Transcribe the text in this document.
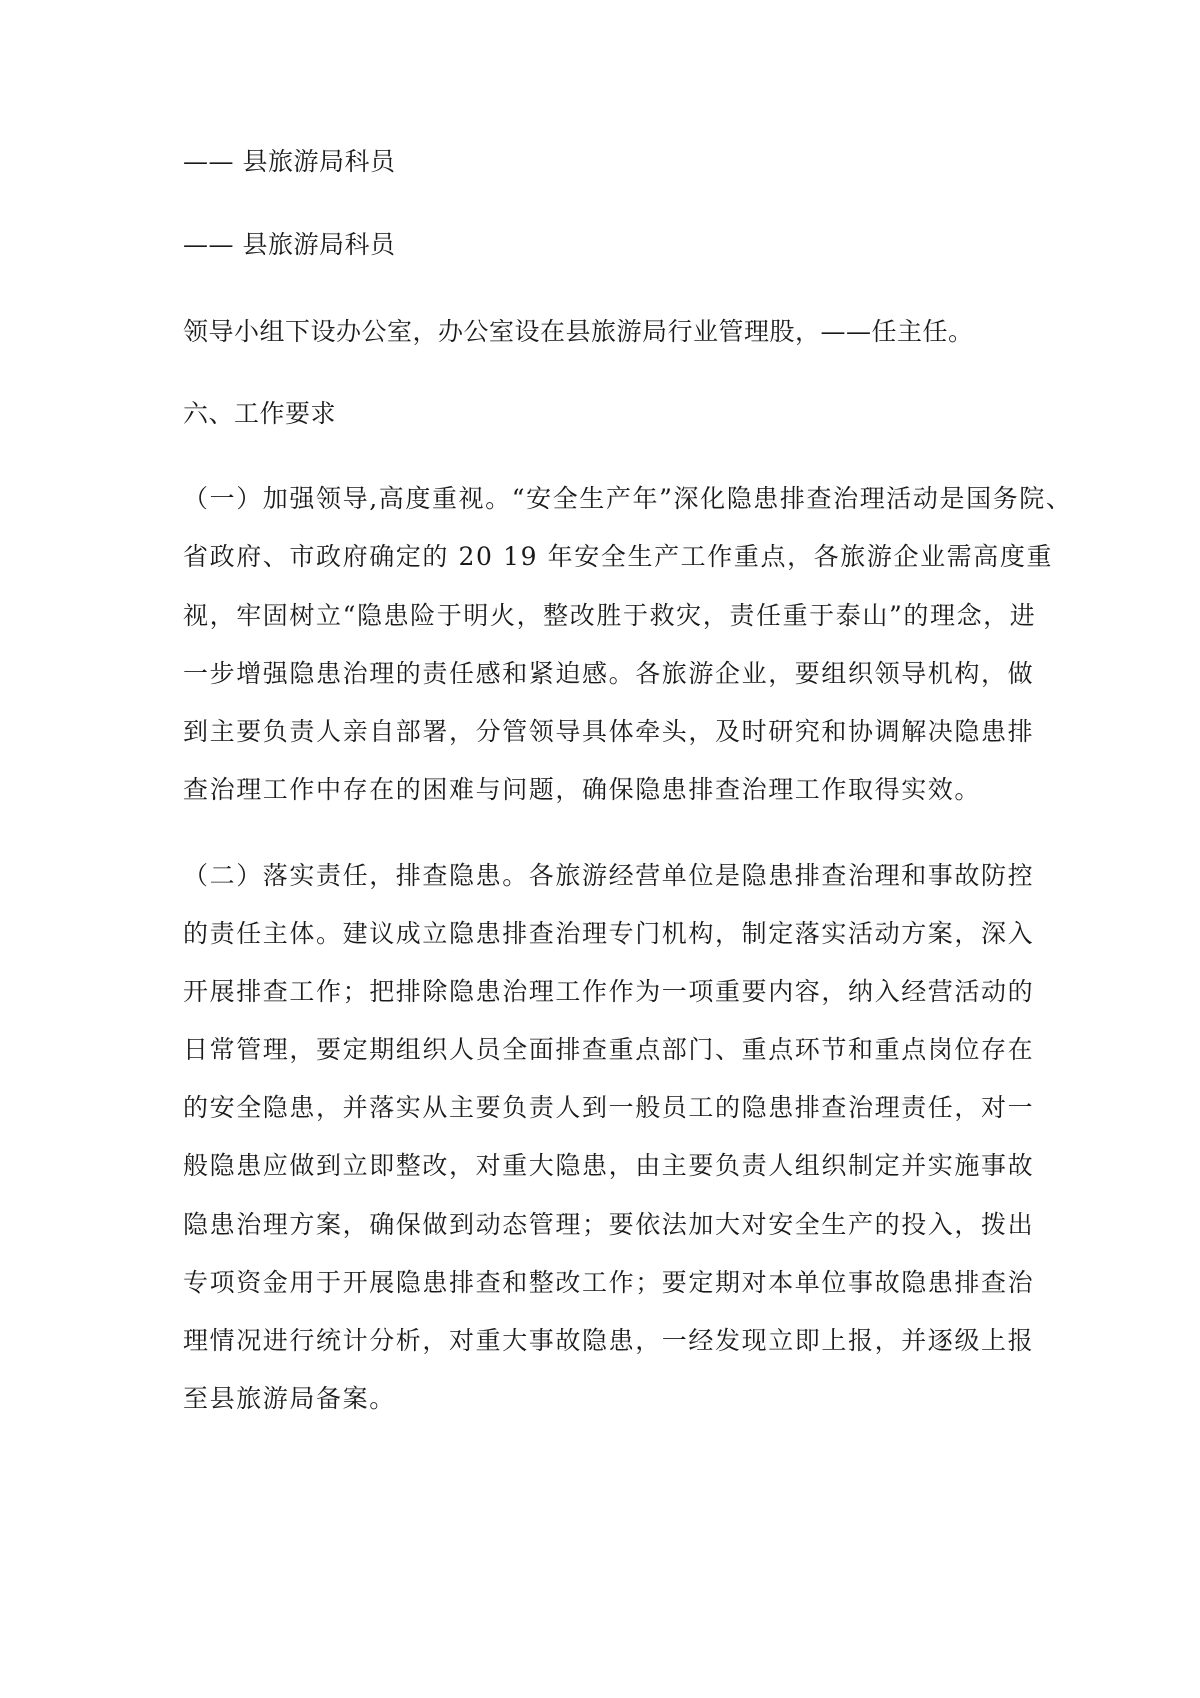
—— 县旅游局科员
—— 县旅游局科员
领导小组下设办公室，办公室设在县旅游局行业管理股，——任主任。
六、工作要求
（一）加强领导,高度重视。“安全生产年”深化隐患排查治理活动是国务院、
省政府、市政府确定的 20 19 年安全生产工作重点，各旅游企业需高度重
视，牢固树立“隐患险于明火，整改胜于救灾，责任重于泰山”的理念，进
一步增强隐患治理的责任感和紧迫感。各旅游企业，要组织领导机构，做
到主要负责人亲自部署，分管领导具体牵头，及时研究和协调解决隐患排
查治理工作中存在的困难与问题，确保隐患排查治理工作取得实效。
（二）落实责任，排查隐患。各旅游经营单位是隐患排查治理和事故防控
的责任主体。建议成立隐患排查治理专门机构，制定落实活动方案，深入
开展排查工作；把排除隐患治理工作作为一项重要内容，纳入经营活动的
日常管理，要定期组织人员全面排查重点部门、重点环节和重点岗位存在
的安全隐患，并落实从主要负责人到一般员工的隐患排查治理责任，对一
般隐患应做到立即整改，对重大隐患，由主要负责人组织制定并实施事故
隐患治理方案，确保做到动态管理；要依法加大对安全生产的投入，拨出
专项资金用于开展隐患排查和整改工作；要定期对本单位事故隐患排查治
理情况进行统计分析，对重大事故隐患，一经发现立即上报，并逐级上报
至县旅游局备案。
